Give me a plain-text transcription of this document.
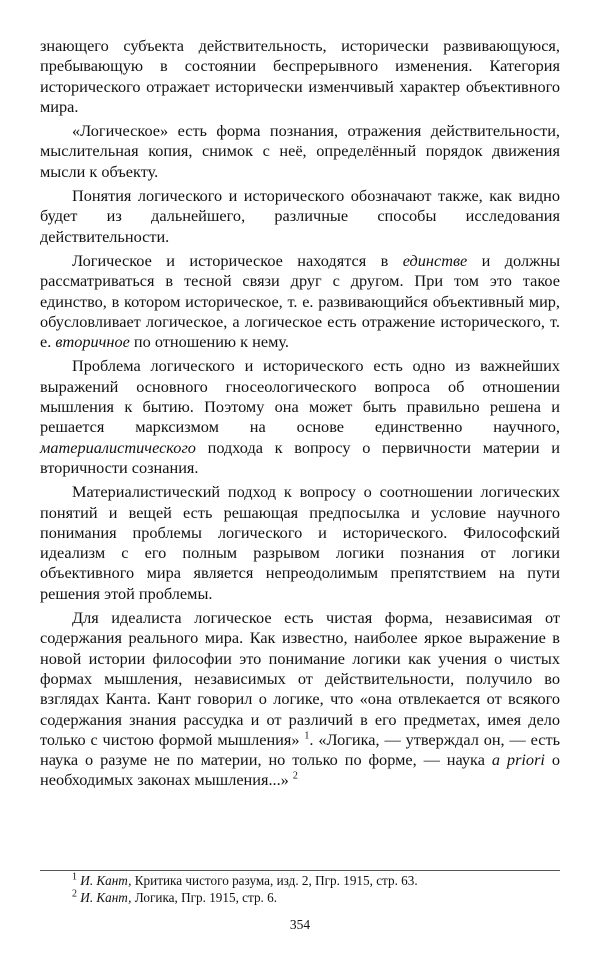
знающего субъекта действительность, исторически развивающуюся, пребывающую в состоянии беспрерывного изменения. Категория исторического отражает исторически изменчивый характер объективного мира.

«Логическое» есть форма познания, отражения действительности, мыслительная копия, снимок с неё, определённый порядок движения мысли к объекту.

Понятия логического и исторического обозначают также, как видно будет из дальнейшего, различные способы исследования действительности.

Логическое и историческое находятся в единстве и должны рассматриваться в тесной связи друг с другом. При том это такое единство, в котором историческое, т. е. развивающийся объективный мир, обусловливает логическое, а логическое есть отражение исторического, т. е. вторичное по отношению к нему.

Проблема логического и исторического есть одно из важнейших выражений основного гносеологического вопроса об отношении мышления к бытию. Поэтому она может быть правильно решена и решается марксизмом на основе единственно научного, материалистического подхода к вопросу о первичности материи и вторичности сознания.

Материалистический подход к вопросу о соотношении логических понятий и вещей есть решающая предпосылка и условие научного понимания проблемы логического и исторического. Философский идеализм с его полным разрывом логики познания от логики объективного мира является непреодолимым препятствием на пути решения этой проблемы.

Для идеалиста логическое есть чистая форма, независимая от содержания реального мира. Как известно, наиболее яркое выражение в новой истории философии это понимание логики как учения о чистых формах мышления, независимых от действительности, получило во взглядах Канта. Кант говорил о логике, что «она отвлекается от всякого содержания знания рассудка и от различий в его предметах, имея дело только с чистою формой мышления» $^1$. «Логика, — утверждал он, — есть наука о разуме не по материи, но только по форме, — наука a priori о необходимых законах мышления...» $^2$

$^1$ И. Кант, Критика чистого разума, изд. 2, Пгр. 1915, стр. 63.

$^2$ И. Кант, Логика, Пгр. 1915, стр. 6.

354
